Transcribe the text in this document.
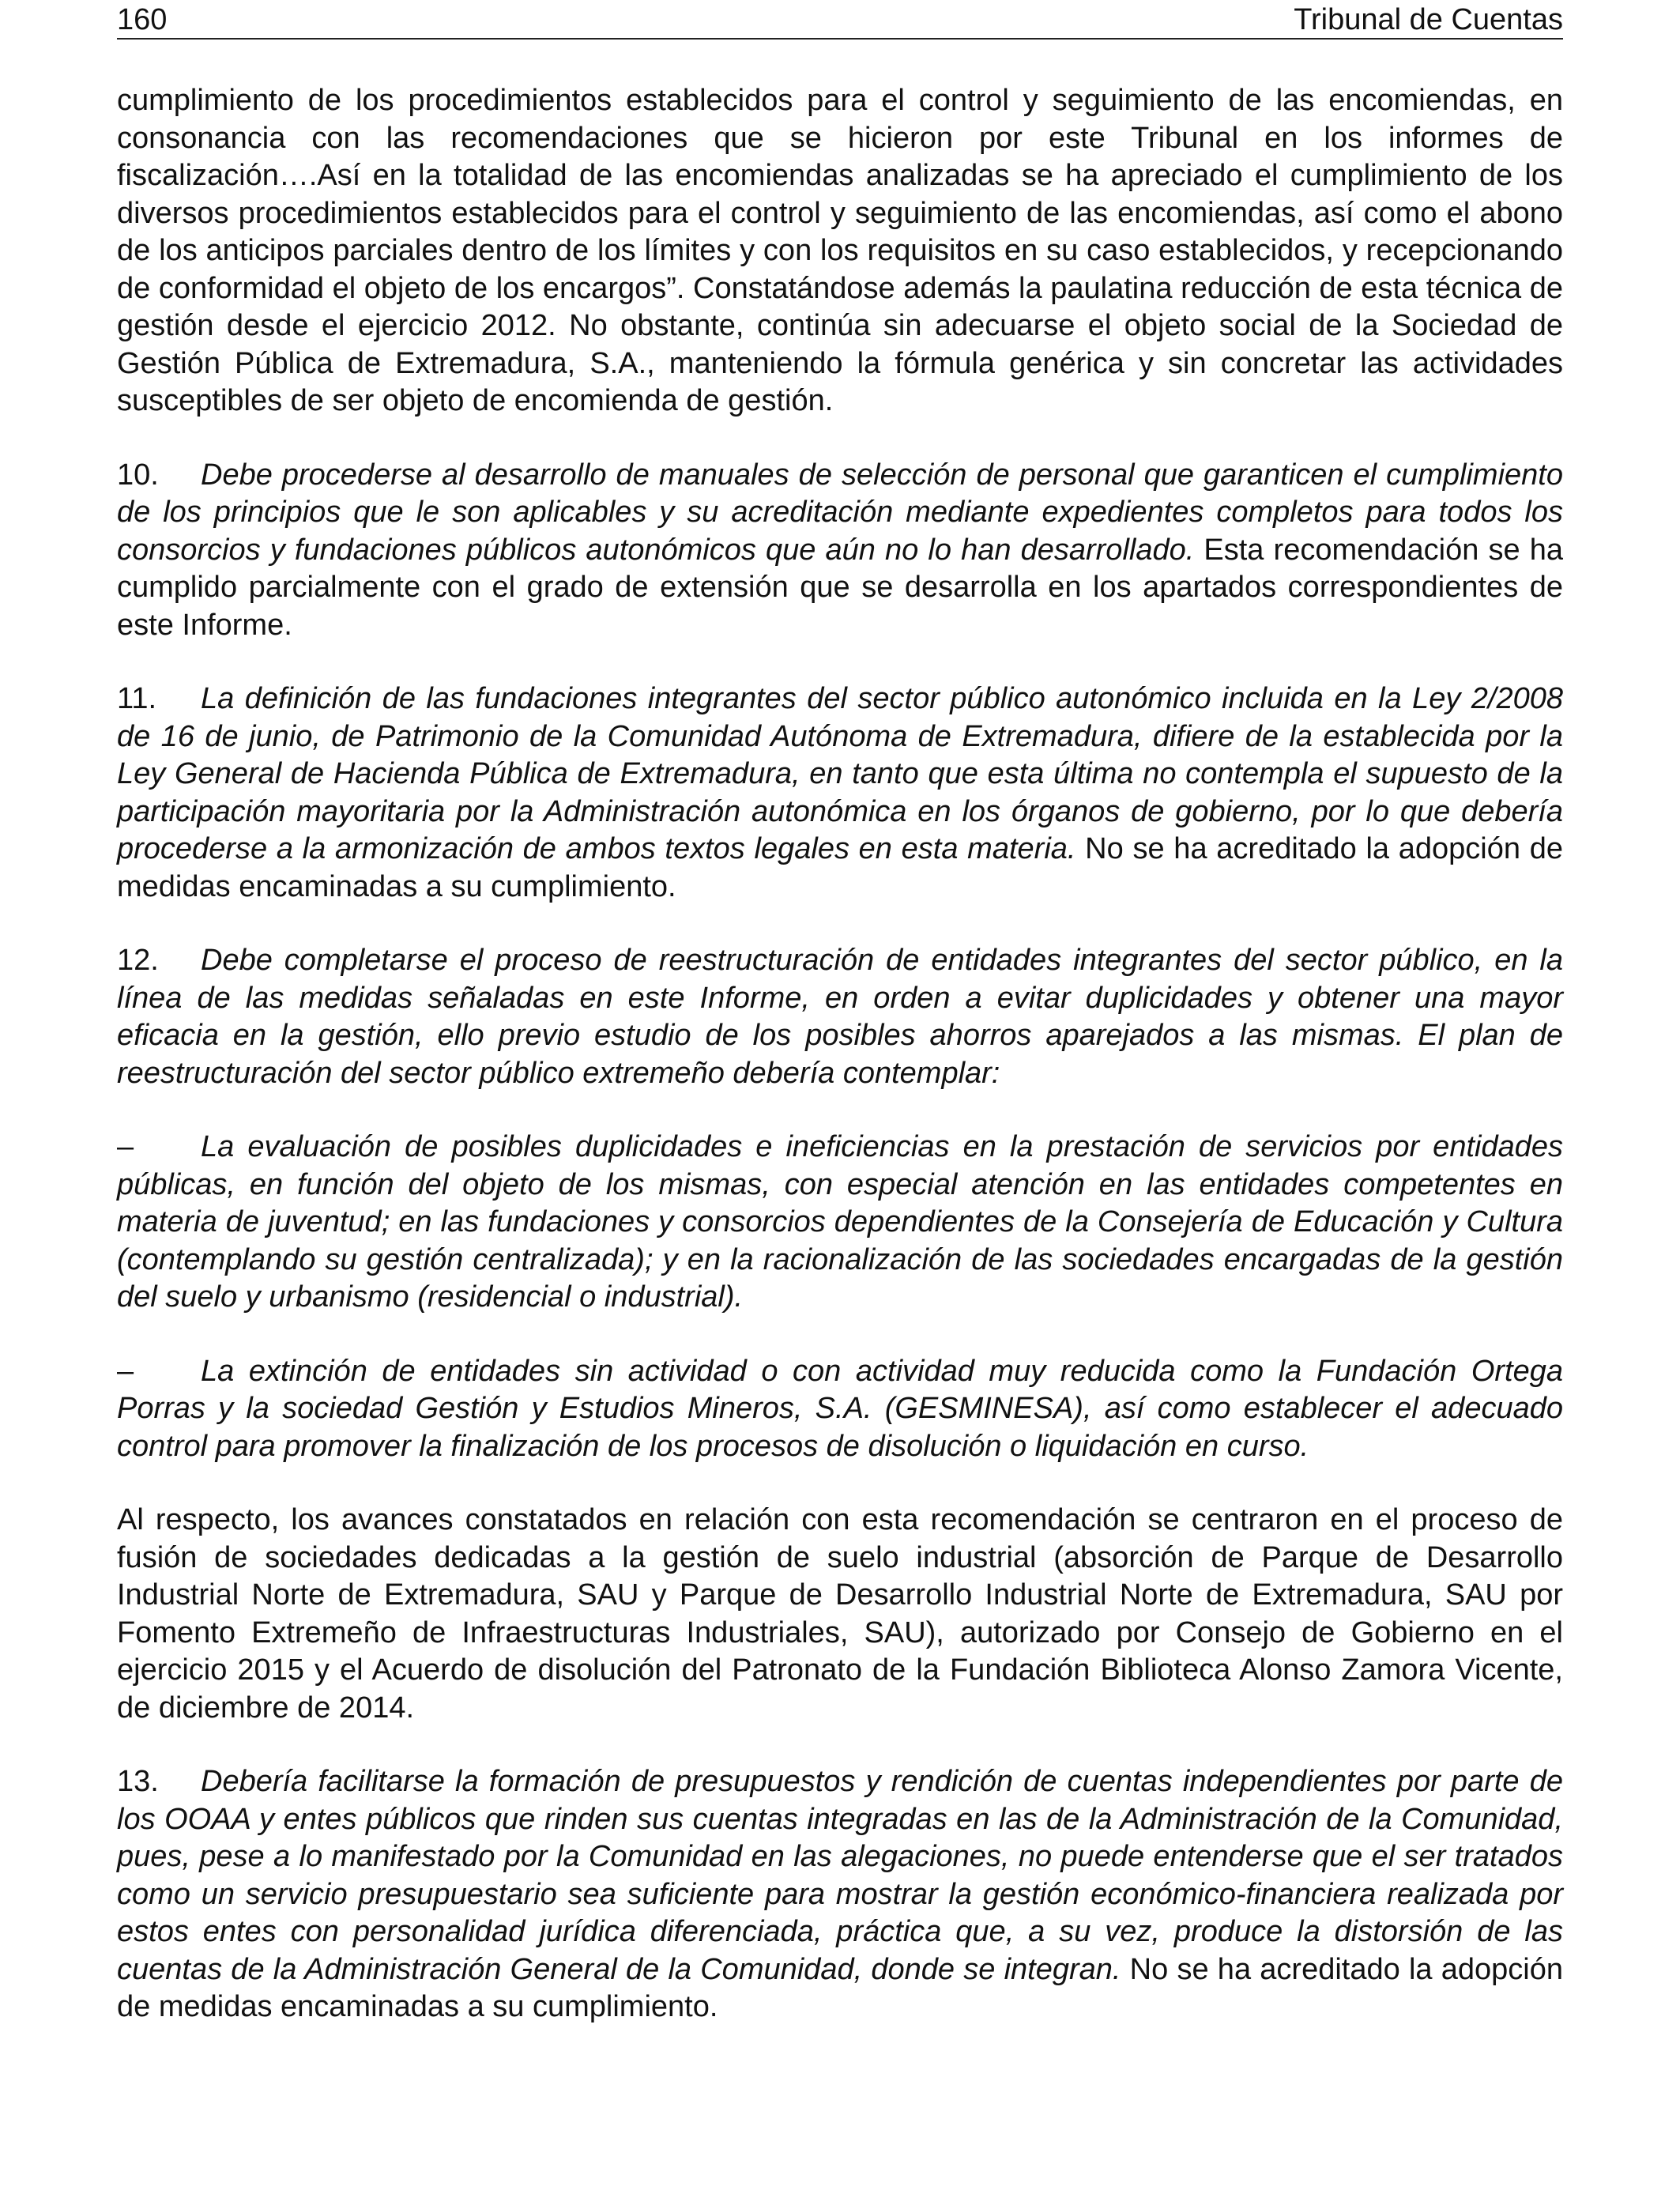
160	Tribunal de Cuentas

cumplimiento de los procedimientos establecidos para el control y seguimiento de las encomiendas, en consonancia con las recomendaciones que se hicieron por este Tribunal en los informes de fiscalización….Así en la totalidad de las encomiendas analizadas se ha apreciado el cumplimiento de los diversos procedimientos establecidos para el control y seguimiento de las encomiendas, así como el abono de los anticipos parciales dentro de los límites y con los requisitos en su caso establecidos, y recepcionando de conformidad el objeto de los encargos”. Constatándose además la paulatina reducción de esta técnica de gestión desde el ejercicio 2012. No obstante, continúa sin adecuarse el objeto social de la Sociedad de Gestión Pública de Extremadura, S.A., manteniendo la fórmula genérica y sin concretar las actividades susceptibles de ser objeto de encomienda de gestión.

10. Debe procederse al desarrollo de manuales de selección de personal que garanticen el cumplimiento de los principios que le son aplicables y su acreditación mediante expedientes completos para todos los consorcios y fundaciones públicos autonómicos que aún no lo han desarrollado. Esta recomendación se ha cumplido parcialmente con el grado de extensión que se desarrolla en los apartados correspondientes de este Informe.

11. La definición de las fundaciones integrantes del sector público autonómico incluida en la Ley 2/2008 de 16 de junio, de Patrimonio de la Comunidad Autónoma de Extremadura, difiere de la establecida por la Ley General de Hacienda Pública de Extremadura, en tanto que esta última no contempla el supuesto de la participación mayoritaria por la Administración autonómica en los órganos de gobierno, por lo que debería procederse a la armonización de ambos textos legales en esta materia. No se ha acreditado la adopción de medidas encaminadas a su cumplimiento.

12. Debe completarse el proceso de reestructuración de entidades integrantes del sector público, en la línea de las medidas señaladas en este Informe, en orden a evitar duplicidades y obtener una mayor eficacia en la gestión, ello previo estudio de los posibles ahorros aparejados a las mismas. El plan de reestructuración del sector público extremeño debería contemplar:

– La evaluación de posibles duplicidades e ineficiencias en la prestación de servicios por entidades públicas, en función del objeto de los mismas, con especial atención en las entidades competentes en materia de juventud; en las fundaciones y consorcios dependientes de la Consejería de Educación y Cultura (contemplando su gestión centralizada); y en la racionalización de las sociedades encargadas de la gestión del suelo y urbanismo (residencial o industrial).

– La extinción de entidades sin actividad o con actividad muy reducida como la Fundación Ortega Porras y la sociedad Gestión y Estudios Mineros, S.A. (GESMINESA), así como establecer el adecuado control para promover la finalización de los procesos de disolución o liquidación en curso.

Al respecto, los avances constatados en relación con esta recomendación se centraron en el proceso de fusión de sociedades dedicadas a la gestión de suelo industrial (absorción de Parque de Desarrollo Industrial Norte de Extremadura, SAU y Parque de Desarrollo Industrial Norte de Extremadura, SAU por Fomento Extremeño de Infraestructuras Industriales, SAU), autorizado por Consejo de Gobierno en el ejercicio 2015 y el Acuerdo de disolución del Patronato de la Fundación Biblioteca Alonso Zamora Vicente, de diciembre de 2014.

13. Debería facilitarse la formación de presupuestos y rendición de cuentas independientes por parte de los OOAA y entes públicos que rinden sus cuentas integradas en las de la Administración de la Comunidad, pues, pese a lo manifestado por la Comunidad en las alegaciones, no puede entenderse que el ser tratados como un servicio presupuestario sea suficiente para mostrar la gestión económico-financiera realizada por estos entes con personalidad jurídica diferenciada, práctica que, a su vez, produce la distorsión de las cuentas de la Administración General de la Comunidad, donde se integran. No se ha acreditado la adopción de medidas encaminadas a su cumplimiento.
